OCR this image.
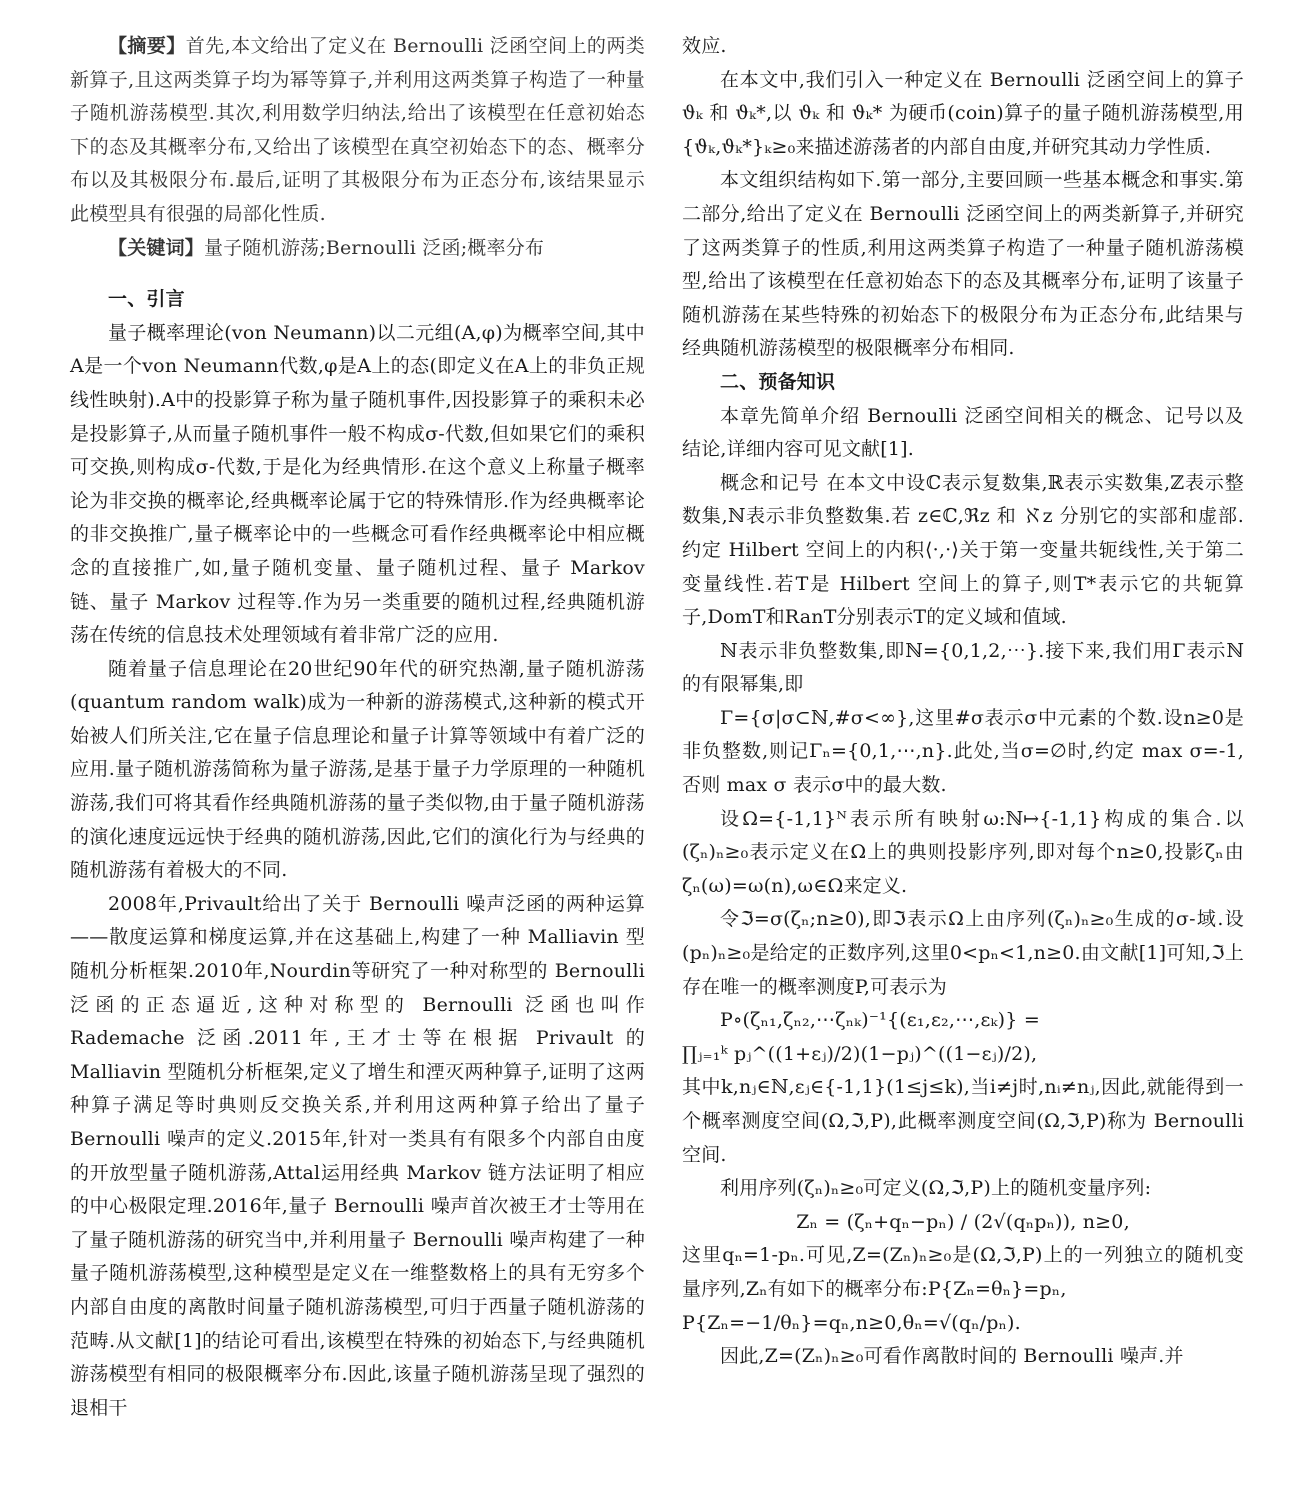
【摘要】首先,本文给出了定义在 Bernoulli 泛函空间上的两类新算子,且这两类算子均为幂等算子,并利用这两类算子构造了一种量子随机游荡模型.其次,利用数学归纳法,给出了该模型在任意初始态下的态及其概率分布,又给出了该模型在真空初始态下的态、概率分布以及其极限分布.最后,证明了其极限分布为正态分布,该结果显示此模型具有很强的局部化性质.

【关键词】量子随机游荡;Bernoulli 泛函;概率分布

一、引言

量子概率理论(von Neumann)以二元组(A,φ)为概率空间,其中A是一个von Neumann代数,φ是A上的态(即定义在A上的非负正规线性映射).A中的投影算子称为量子随机事件,因投影算子的乘积未必是投影算子,从而量子随机事件一般不构成σ-代数,但如果它们的乘积可交换,则构成σ-代数,于是化为经典情形.在这个意义上称量子概率论为非交换的概率论,经典概率论属于它的特殊情形.作为经典概率论的非交换推广,量子概率论中的一些概念可看作经典概率论中相应概念的直接推广,如,量子随机变量、量子随机过程、量子 Markov 链、量子 Markov 过程等.作为另一类重要的随机过程,经典随机游荡在传统的信息技术处理领域有着非常广泛的应用.

随着量子信息理论在20世纪90年代的研究热潮,量子随机游荡(quantum random walk)成为一种新的游荡模式,这种新的模式开始被人们所关注,它在量子信息理论和量子计算等领域中有着广泛的应用.量子随机游荡简称为量子游荡,是基于量子力学原理的一种随机游荡,我们可将其看作经典随机游荡的量子类似物,由于量子随机游荡的演化速度远远快于经典的随机游荡,因此,它们的演化行为与经典的随机游荡有着极大的不同.

2008年,Privault给出了关于 Bernoulli 噪声泛函的两种运算——散度运算和梯度运算,并在这基础上,构建了一种 Malliavin 型随机分析框架.2010年,Nourdin等研究了一种对称型的 Bernoulli 泛函的正态逼近,这种对称型的 Bernoulli 泛函也叫作 Rademache 泛函.2011年,王才士等在根据 Privault 的 Malliavin 型随机分析框架,定义了增生和湮灭两种算子,证明了这两种算子满足等时典则反交换关系,并利用这两种算子给出了量子 Bernoulli 噪声的定义.2015年,针对一类具有有限多个内部自由度的开放型量子随机游荡,Attal运用经典 Markov 链方法证明了相应的中心极限定理.2016年,量子 Bernoulli 噪声首次被王才士等用在了量子随机游荡的研究当中,并利用量子 Bernoulli 噪声构建了一种量子随机游荡模型,这种模型是定义在一维整数格上的具有无穷多个内部自由度的离散时间量子随机游荡模型,可归于西量子随机游荡的范畴.从文献[1]的结论可看出,该模型在特殊的初始态下,与经典随机游荡模型有相同的极限概率分布.因此,该量子随机游荡呈现了强烈的退相干

效应.

在本文中,我们引入一种定义在 Bernoulli 泛函空间上的算子 ϑₖ 和 ϑₖ*,以 ϑₖ 和 ϑₖ* 为硬币(coin)算子的量子随机游荡模型,用{ϑₖ,ϑₖ*}ₖ≥₀来描述游荡者的内部自由度,并研究其动力学性质.

本文组织结构如下.第一部分,主要回顾一些基本概念和事实.第二部分,给出了定义在 Bernoulli 泛函空间上的两类新算子,并研究了这两类算子的性质,利用这两类算子构造了一种量子随机游荡模型,给出了该模型在任意初始态下的态及其概率分布,证明了该量子随机游荡在某些特殊的初始态下的极限分布为正态分布,此结果与经典随机游荡模型的极限概率分布相同.

二、预备知识

本章先简单介绍 Bernoulli 泛函空间相关的概念、记号以及结论,详细内容可见文献[1].

概念和记号 在本文中设ℂ表示复数集,ℝ表示实数集,ℤ表示整数集,ℕ表示非负整数集.若 z∈ℂ,ℜz 和 ℵz 分别它的实部和虚部.约定 Hilbert 空间上的内积⟨·,·⟩关于第一变量共轭线性,关于第二变量线性.若T是 Hilbert 空间上的算子,则T*表示它的共轭算子,DomT和RanT分别表示T的定义域和值域.

ℕ表示非负整数集,即ℕ={0,1,2,⋯}.接下来,我们用Γ表示ℕ的有限幂集,即

Γ={σ|σ⊂ℕ,#σ<∞},这里#σ表示σ中元素的个数.设n≥0是非负整数,则记Γₙ={0,1,⋯,n}.此处,当σ=∅时,约定 max σ=-1,否则 max σ 表示σ中的最大数.

设Ω={-1,1}ᴺ表示所有映射ω:ℕ↦{-1,1}构成的集合.以(ζₙ)ₙ≥₀表示定义在Ω上的典则投影序列,即对每个n≥0,投影ζₙ由ζₙ(ω)=ω(n),ω∈Ω来定义.

令ℑ=σ(ζₙ;n≥0),即ℑ表示Ω上由序列(ζₙ)ₙ≥₀生成的σ-域.设(pₙ)ₙ≥₀是给定的正数序列,这里0<pₙ<1,n≥0.由文献[1]可知,ℑ上存在唯一的概率测度P,可表示为

P∘(ζₙ₁,ζₙ₂,⋯ζₙₖ)⁻¹{(ε₁,ε₂,⋯,εₖ)} =

∏ⱼ₌₁ᵏ pⱼ^((1+εⱼ)/2)(1−pⱼ)^((1−εⱼ)/2),

其中k,nⱼ∈ℕ,εⱼ∈{-1,1}(1≤j≤k),当i≠j时,nᵢ≠nⱼ,因此,就能得到一个概率测度空间(Ω,ℑ,P),此概率测度空间(Ω,ℑ,P)称为 Bernoulli 空间.

利用序列(ζₙ)ₙ≥₀可定义(Ω,ℑ,P)上的随机变量序列:

Zₙ = (ζₙ+qₙ−pₙ) / (2√(qₙpₙ)), n≥0,

这里qₙ=1-pₙ.可见,Z=(Zₙ)ₙ≥₀是(Ω,ℑ,P)上的一列独立的随机变量序列,Zₙ有如下的概率分布:P{Zₙ=θₙ}=pₙ,

P{Zₙ=−1/θₙ}=qₙ,n≥0,θₙ=√(qₙ/pₙ).

因此,Z=(Zₙ)ₙ≥₀可看作离散时间的 Bernoulli 噪声.并
